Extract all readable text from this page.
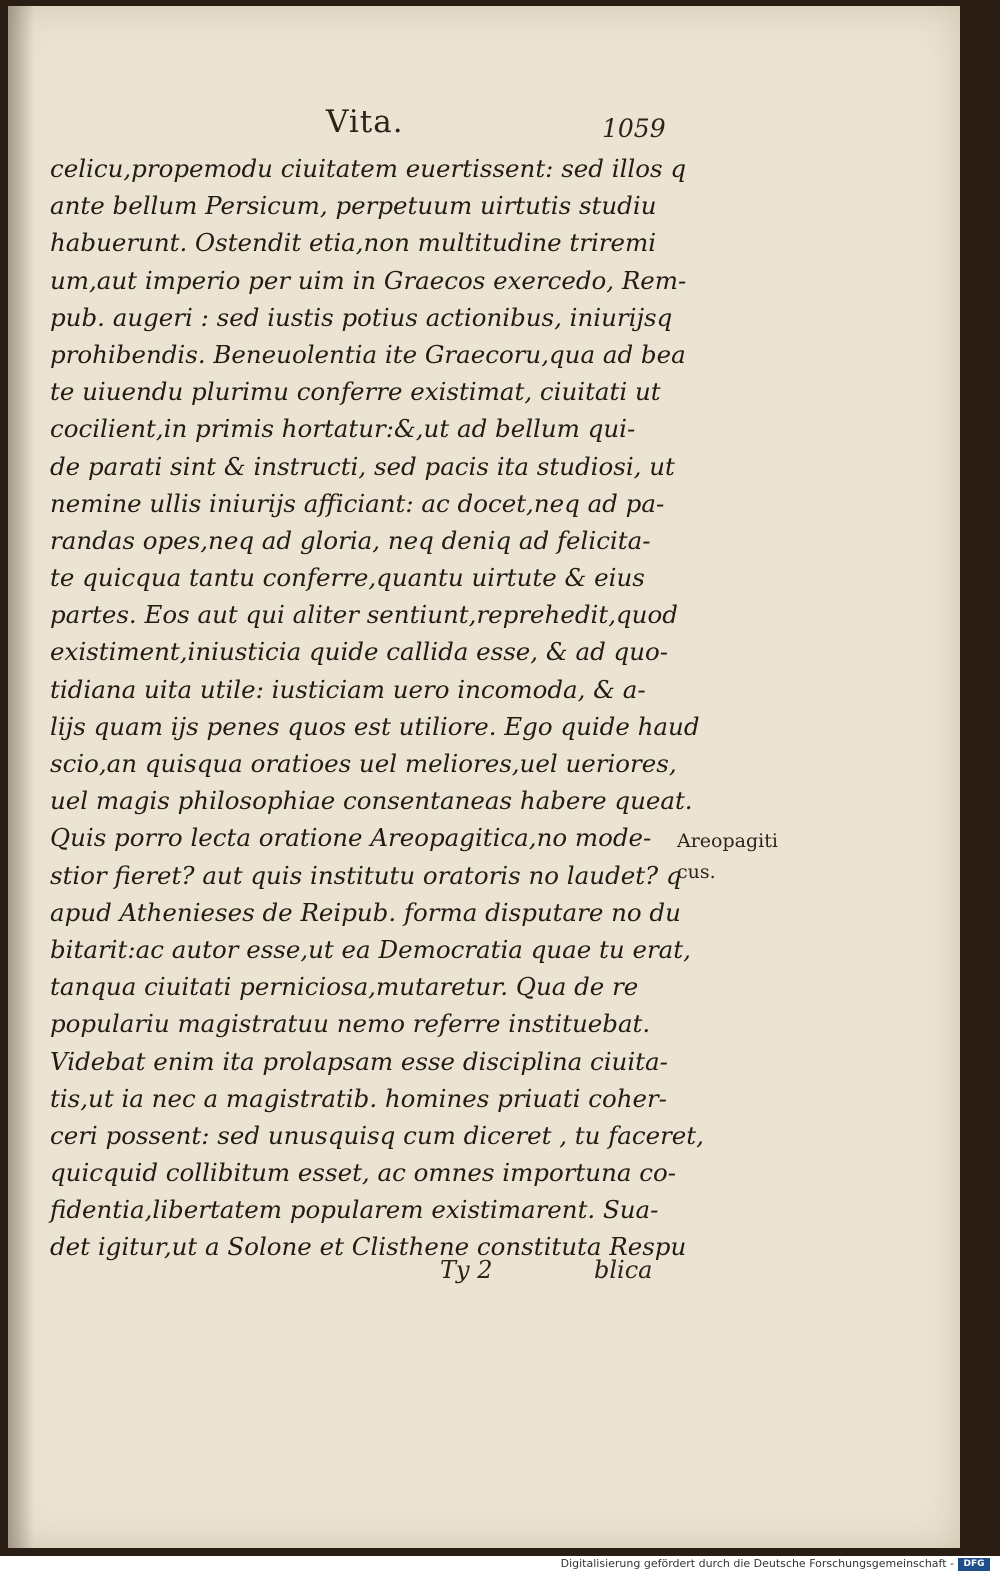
Vita.	1059
celicu,propemodu ciuitatem euertissent: sed illos q
ante bellum Persicum, perpetuum uirtutis studiu
habuerunt. Ostendit etia,non multitudine triremi
um,aut imperio per uim in Graecos exercedo, Rem-
pub. augeri : sed iustis potius actionibus, iniurijsq
prohibendis. Beneuolentia ite Graecoru,qua ad bea
te uiuendu plurimu conferre existimat, ciuitati ut
cocilient,in primis hortatur:&,ut ad bellum qui-
de parati sint & instructi, sed pacis ita studiosi, ut
nemine ullis iniurijs afficiant: ac docet,neq ad pa-
randas opes,neq ad gloria, neq deniq ad felicita-
te quicqua tantu conferre,quantu uirtute & eius
partes. Eos aut qui aliter sentiunt,reprehedit,quod
existiment,iniusticia quide callida esse, & ad quo-
tidiana uita utile: iusticiam uero incomoda, & a-
lijs quam ijs penes quos est utiliore. Ego quide haud
scio,an quisqua oratioes uel meliores,uel ueriores,
uel magis philosophiae consentaneas habere queat.
Quis porro lecta oratione Areopagitica,no mode-
stior fieret? aut quis institutu oratoris no laudet? q
apud Athenieses de Reipub. forma disputare no du
bitarit:ac autor esse,ut ea Democratia quae tu erat,
tanqua ciuitati perniciosa,mutaretur. Qua de re
populariu magistratuu nemo referre instituebat.
Videbat enim ita prolapsam esse disciplina ciuita-
tis,ut ia nec a magistratib. homines priuati coher-
ceri possent: sed unusquisq cum diceret , tu faceret,
quicquid collibitum esset, ac omnes importuna co-
fidentia,libertatem popularem existimarent. Sua-
det igitur,ut a Solone et Clisthene constituta Respu
Areopagiti
cus.
Ty 2	blica
Digitalisierung gefördert durch die Deutsche Forschungsgemeinschaft -	DFG
